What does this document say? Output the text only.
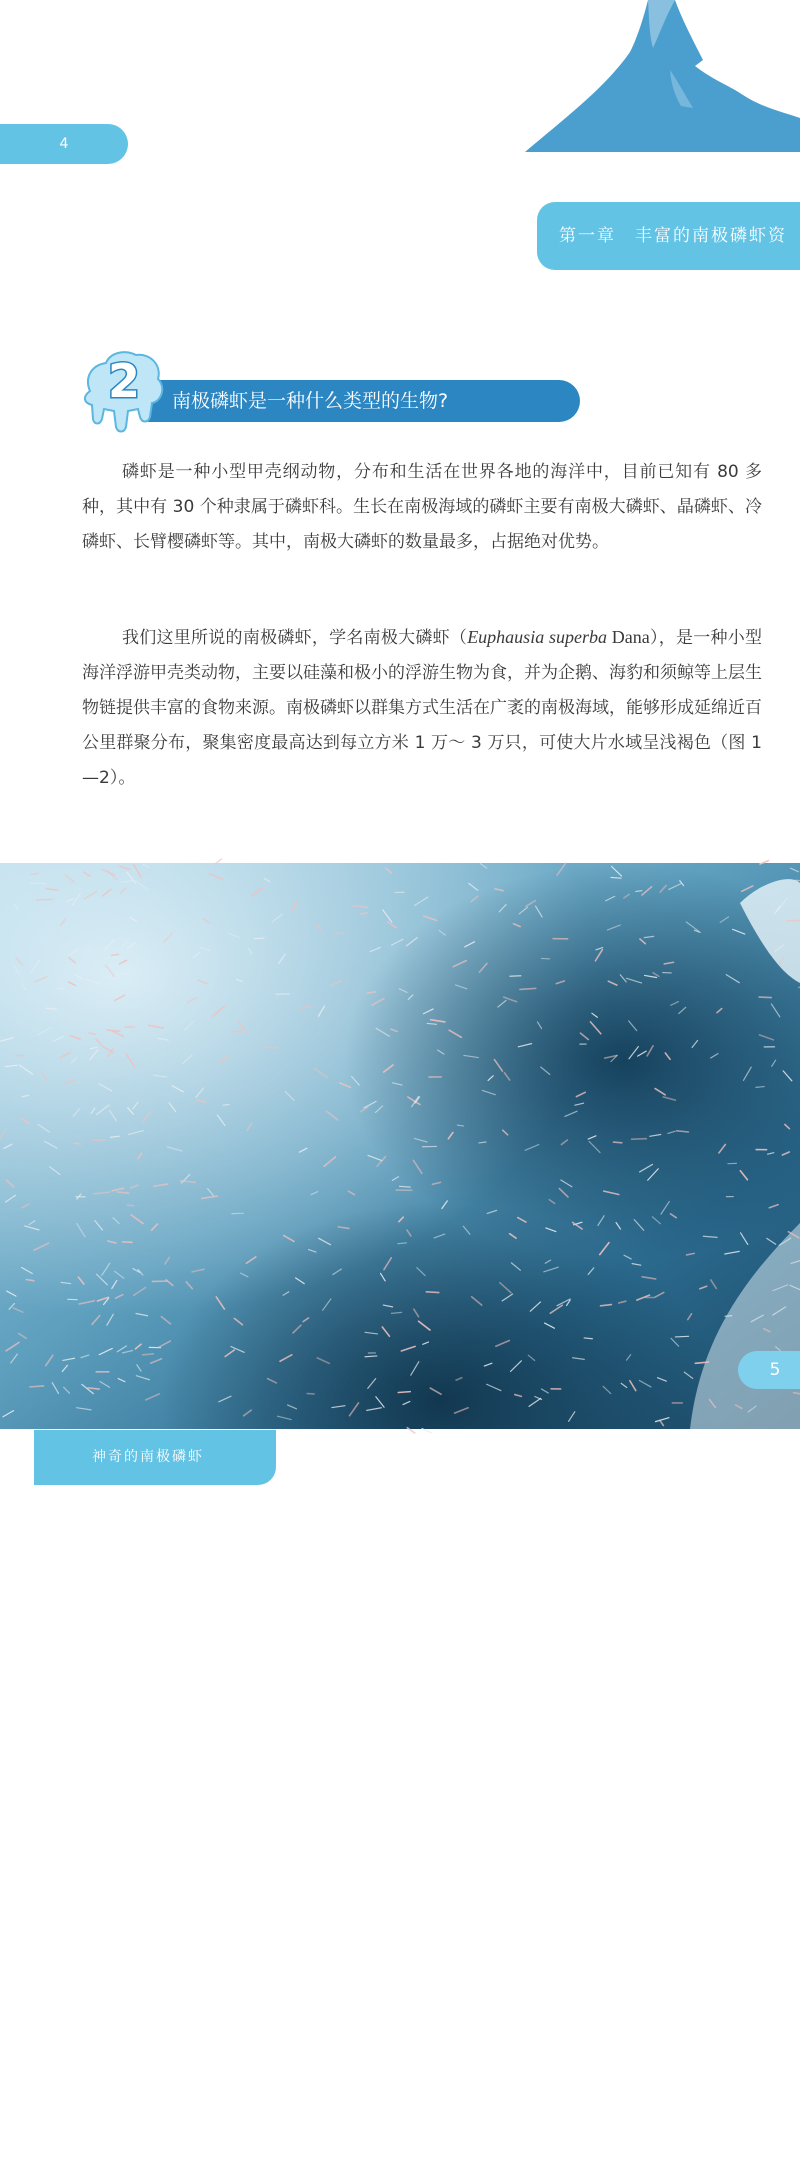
4
第一章　丰富的南极磷虾资
南极磷虾是一种什么类型的生物?
2

磷虾是一种小型甲壳纲动物，分布和生活在世界各地的海洋中，目前已知有 80 多种，其中有 30 个种隶属于磷虾科。生长在南极海域的磷虾主要有南极大磷虾、晶磷虾、冷磷虾、长臂樱磷虾等。其中，南极大磷虾的数量最多，占据绝对优势。

我们这里所说的南极磷虾，学名南极大磷虾（Euphausia superba Dana），是一种小型海洋浮游甲壳类动物，主要以硅藻和极小的浮游生物为食，并为企鹅、海豹和须鲸等上层生物链提供丰富的食物来源。南极磷虾以群集方式生活在广袤的南极海域，能够形成延绵近百公里群聚分布，聚集密度最高达到每立方米 1 万～ 3 万只，可使大片水域呈浅褐色（图 1—2）。

图 1-2　南极磷虾聚集群
5
神奇的南极磷虾
